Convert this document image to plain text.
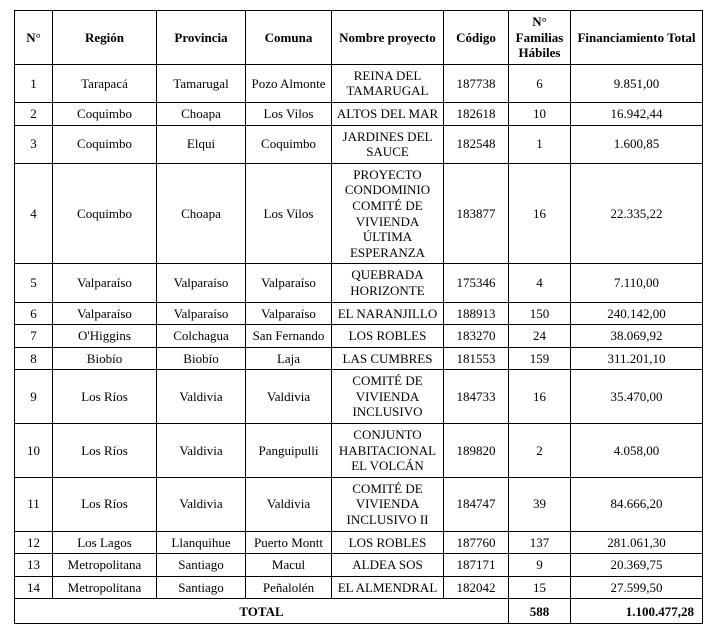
N°	Región	Provincia	Comuna	Nombre proyecto	Código	N° Familias Hábiles	Financiamiento Total
1	Tarapacá	Tamarugal	Pozo Almonte	REINA DEL TAMARUGAL	187738	6	9.851,00
2	Coquimbo	Choapa	Los Vilos	ALTOS DEL MAR	182618	10	16.942,44
3	Coquimbo	Elqui	Coquimbo	JARDINES DEL SAUCE	182548	1	1.600,85
4	Coquimbo	Choapa	Los Vilos	PROYECTO CONDOMINIO COMITÉ DE VIVIENDA ÚLTIMA ESPERANZA	183877	16	22.335,22
5	Valparaíso	Valparaíso	Valparaíso	QUEBRADA HORIZONTE	175346	4	7.110,00
6	Valparaíso	Valparaíso	Valparaíso	EL NARANJILLO	188913	150	240.142,00
7	O'Higgins	Colchagua	San Fernando	LOS ROBLES	183270	24	38.069,92
8	Biobío	Biobío	Laja	LAS CUMBRES	181553	159	311.201,10
9	Los Ríos	Valdivia	Valdivia	COMITÉ DE VIVIENDA INCLUSIVO	184733	16	35.470,00
10	Los Ríos	Valdivia	Panguipulli	CONJUNTO HABITACIONAL EL VOLCÁN	189820	2	4.058,00
11	Los Ríos	Valdivia	Valdivia	COMITÉ DE VIVIENDA INCLUSIVO II	184747	39	84.666,20
12	Los Lagos	Llanquihue	Puerto Montt	LOS ROBLES	187760	137	281.061,30
13	Metropolitana	Santiago	Macul	ALDEA SOS	187171	9	20.369,75
14	Metropolitana	Santiago	Peñalolén	EL ALMENDRAL	182042	15	27.599,50
TOTAL						588	1.100.477,28
